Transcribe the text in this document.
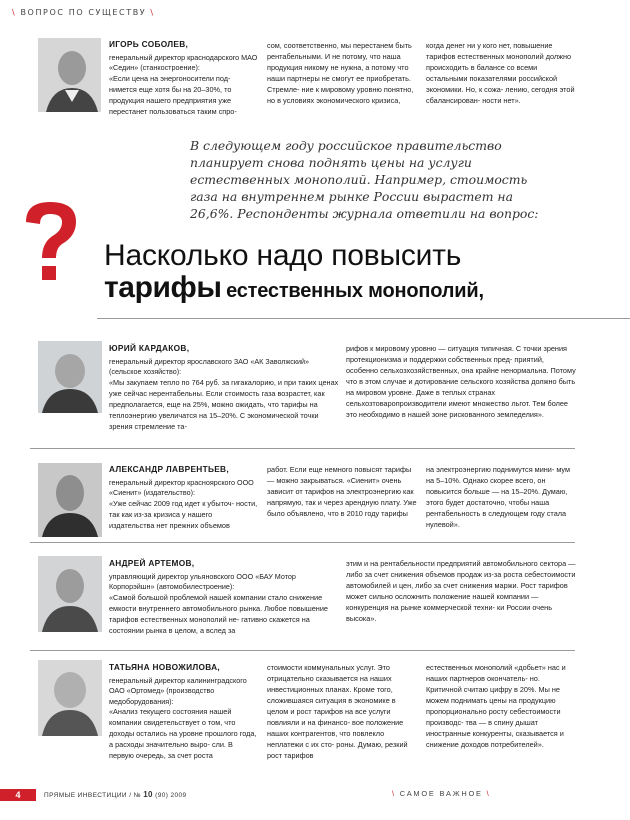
\ ВОПРОС ПО СУЩЕСТВУ \
ИГОРЬ СОБОЛЕВ,
генеральный директор краснодарского МАО «Седин» (станкостроение):
«Если цена на энергоносители под- нимется еще хотя бы на 20–30%, то продукция нашего предприятия уже перестанет пользоваться таким спро-
сом, соответственно, мы перестанем быть рентабельными. И не потому, что наша продукция никому не нужна, а потому что наши партнеры не смогут ее приобретать. Стремле- ние к мировому уровню понятно, но в условиях экономического кризиса,
когда денег ни у кого нет, повышение тарифов естественных монополий должно происходить в балансе со всеми остальными показателями российской экономики. Но, к сожа- лению, сегодня этой сбалансирован- ности нет».
В следующем году российское правительство планирует снова поднять цены на услуги естественных монополий. Например, стоимость газа на внутреннем рынке России вырастет на 26,6%. Респонденты журнала ответили на вопрос:
Насколько надо повысить
тарифы естественных монополий,
ЮРИЙ КАРДАКОВ,
генеральный директор ярославского ЗАО «АК Заволжский» (сельское хозяйство):
«Мы закупаем тепло по 764 руб. за гигакалорию, и при таких ценах уже сейчас нерентабельны. Если стоимость газа возрастет, как предполагается, еще на 25%, можно ожидать, что тарифы на теплоэнергию увеличатся на 15–20%. С экономической точки зрения стремление та-
рифов к мировому уровню — ситуация типичная. С точки зрения протекционизма и поддержки собственных пред- приятий, особенно сельхозхозяйственных, она крайне ненормальна. Потому что в этом случае и дотирование сельского хозяйства должно быть на мировом уровне. Даже в теплых странах сельхозтоваропроизводители имеют множество льгот. Тем более это необходимо в нашей зоне рискованного земледелия».
АЛЕКСАНДР ЛАВРЕНТЬЕВ,
генеральный директор красноярского ООО «Сиенит» (издательство):
«Уже сейчас 2009 год идет к убыточ- ности, так как из-за кризиса у нашего издательства нет прежних объемов
работ. Если еще немного повысят тарифы — можно закрываться. «Сиенит» очень зависит от тарифов на электроэнергию как напрямую, так и через арендную плату. Уже было объявлено, что в 2010 году тарифы
на электроэнергию поднимутся мини- мум на 5–10%. Однако скорее всего, он повысится больше — на 15–20%. Думаю, этого будет достаточно, чтобы наша рентабельность в следующем году стала нулевой».
АНДРЕЙ АРТЕМОВ,
управляющий директор ульяновского ООО «БАУ Мотор Корпорэйшн» (автомобилестроение):
«Самой большой проблемой нашей компании стало снижение емкости внутреннего автомобильного рынка. Любое повышение тарифов естественных монополий не- гативно скажется на состоянии рынка в целом, а вслед за
этим и на рентабельности предприятий автомобильного сектора — либо за счет снижения объемов продаж из-за роста себестоимости автомобилей и цен, либо за счет снижения маржи. Рост тарифов может сильно осложнить положение нашей компании — конкуренция на рынке коммерческой техни- ки России очень высока».
ТАТЬЯНА НОВОЖИЛОВА,
генеральный директор калининградского ОАО «Ортомед» (производство медоборудования):
«Анализ текущего состояния нашей компании свидетельствует о том, что доходы остались на уровне прошлого года, а расходы значительно выро- сли. В первую очередь, за счет роста
стоимости коммунальных услуг. Это отрицательно сказывается на наших инвестиционных планах. Кроме того, сложившаяся ситуация в экономике в целом и рост тарифов на все услуги повлияли и на финансо- вое положение наших контрагентов, что повлекло неплатежи с их сто- роны. Думаю, резкий рост тарифов
естественных монополий «добьет» нас и наших партнеров окончатель- но. Критичной считаю цифру в 20%. Мы не можем поднимать цены на продукцию пропорционально росту себестоимости производс- тва — в спину дышат иностранные конкуренты, сказывается и снижение доходов потребителей».
4	ПРЯМЫЕ ИНВЕСТИЦИИ / № 10 (90) 2009	\ САМОЕ ВАЖНОЕ \
